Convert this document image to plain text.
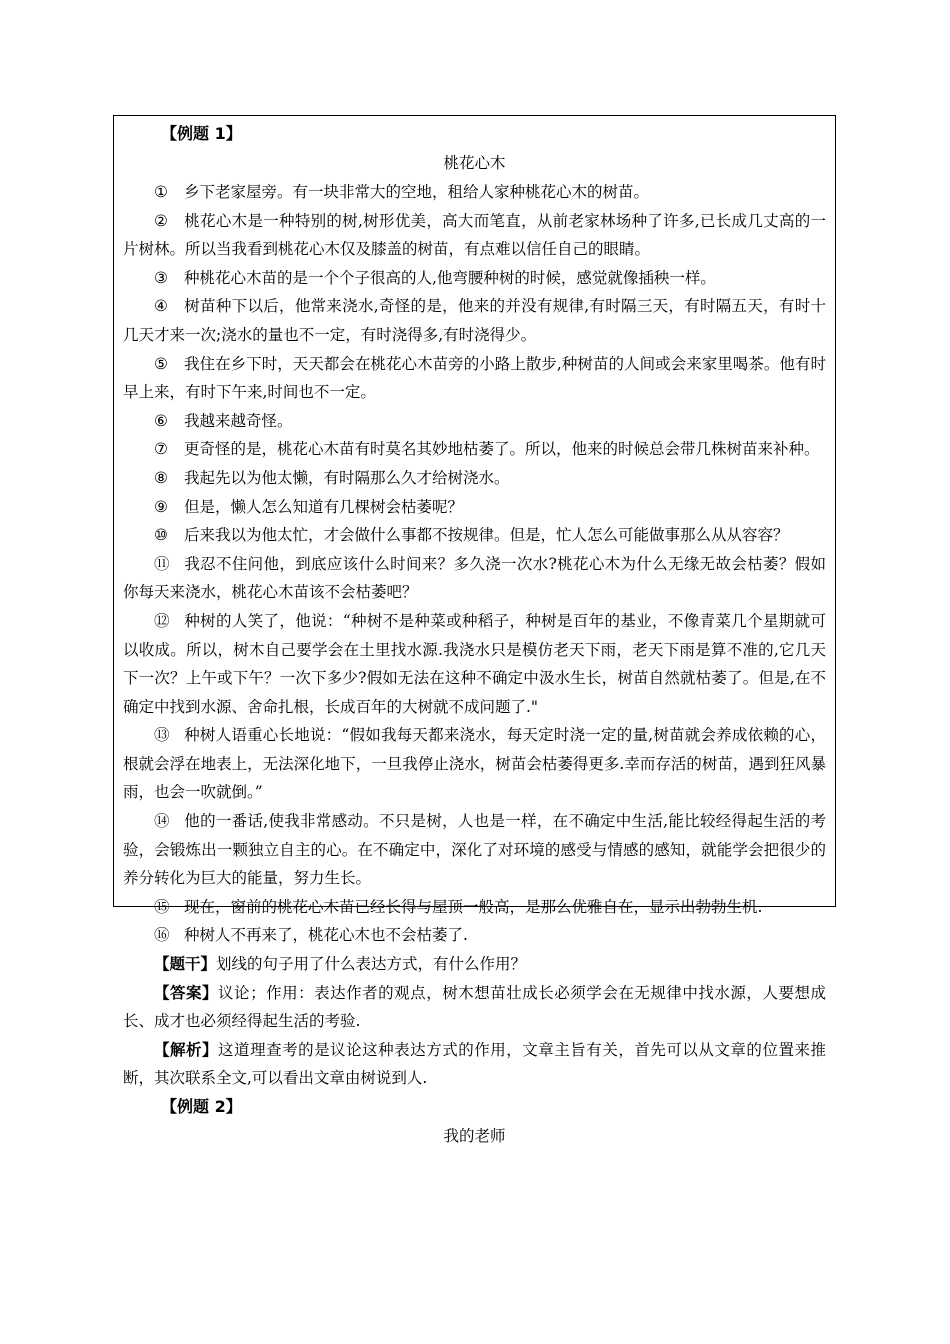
【例题 1】
桃花心木

① 乡下老家屋旁。有一块非常大的空地，租给人家种桃花心木的树苗。

② 桃花心木是一种特别的树,树形优美，高大而笔直，从前老家林场种了许多,已长成几丈高的一片树林。所以当我看到桃花心木仅及膝盖的树苗，有点难以信任自己的眼睛。

③ 种桃花心木苗的是一个个子很高的人,他弯腰种树的时候，感觉就像插秧一样。

④ 树苗种下以后，他常来浇水,奇怪的是，他来的并没有规律,有时隔三天，有时隔五天，有时十几天才来一次;浇水的量也不一定，有时浇得多,有时浇得少。

⑤ 我住在乡下时，天天都会在桃花心木苗旁的小路上散步,种树苗的人间或会来家里喝茶。他有时早上来，有时下午来,时间也不一定。

⑥ 我越来越奇怪。

⑦ 更奇怪的是，桃花心木苗有时莫名其妙地枯萎了。所以，他来的时候总会带几株树苗来补种。

⑧ 我起先以为他太懒，有时隔那么久才给树浇水。

⑨ 但是，懒人怎么知道有几棵树会枯萎呢？

⑩ 后来我以为他太忙，才会做什么事都不按规律。但是，忙人怎么可能做事那么从从容容？

⑪ 我忍不住问他，到底应该什么时间来？多久浇一次水?桃花心木为什么无缘无故会枯萎？假如你每天来浇水，桃花心木苗该不会枯萎吧？

⑫ 种树的人笑了，他说：“种树不是种菜或种稻子，种树是百年的基业，不像青菜几个星期就可以收成。所以，树木自己要学会在土里找水源.我浇水只是模仿老天下雨，老天下雨是算不准的,它几天下一次？上午或下午？一次下多少?假如无法在这种不确定中汲水生长，树苗自然就枯萎了。但是,在不确定中找到水源、舍命扎根，长成百年的大树就不成问题了."

⑬ 种树人语重心长地说：“假如我每天都来浇水，每天定时浇一定的量,树苗就会养成依赖的心，根就会浮在地表上，无法深化地下，一旦我停止浇水，树苗会枯萎得更多.幸而存活的树苗，遇到狂风暴雨，也会一吹就倒。”

⑭ 他的一番话,使我非常感动。不只是树，人也是一样，在不确定中生活,能比较经得起生活的考验，会锻炼出一颗独立自主的心。在不确定中，深化了对环境的感受与情感的感知，就能学会把很少的养分转化为巨大的能量，努力生长。

⑮ 现在，窗前的桃花心木苗已经长得与屋顶一般高，是那么优雅自在，显示出勃勃生机.

⑯ 种树人不再来了，桃花心木也不会枯萎了.

【题干】划线的句子用了什么表达方式，有什么作用？

【答案】议论；作用：表达作者的观点，树木想苗壮成长必须学会在无规律中找水源，人要想成长、成才也必须经得起生活的考验.

【解析】这道理查考的是议论这种表达方式的作用，文章主旨有关，首先可以从文章的位置来推断，其次联系全文,可以看出文章由树说到人.

【例题 2】
我的老师
